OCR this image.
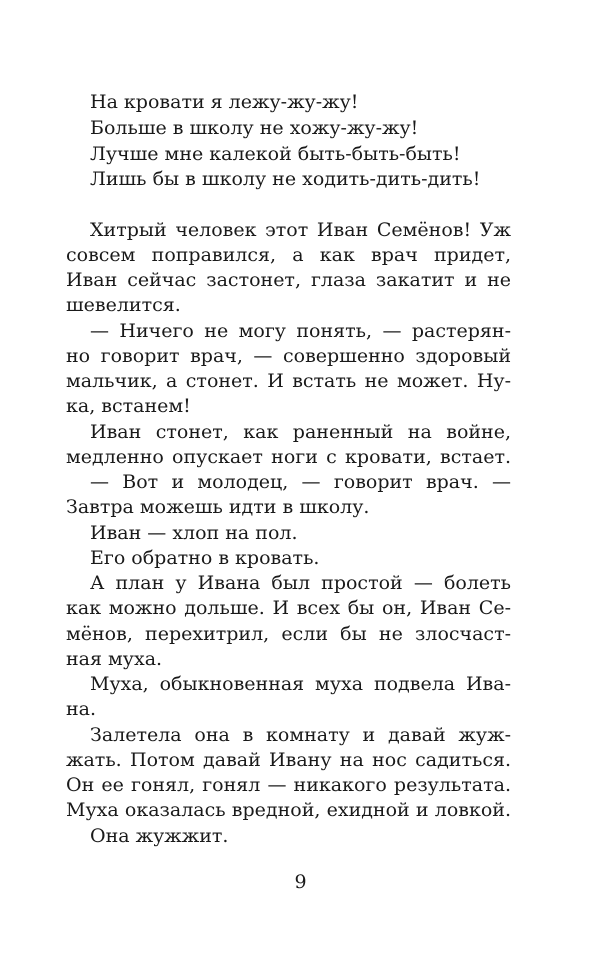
На кровати я лежу-жу-жу!
Больше в школу не хожу-жу-жу!
Лучше мне калекой быть-быть-быть!
Лишь бы в школу не ходить-дить-дить!
Хитрый человек этот Иван Семёнов! Уж
совсем поправился, а как врач придет,
Иван сейчас застонет, глаза закатит и не
шевелится.
— Ничего не могу понять, — растерян-
но говорит врач, — совершенно здоровый
мальчик, а стонет. И встать не может. Ну-
ка, встанем!
Иван стонет, как раненный на войне,
медленно опускает ноги с кровати, встает.
— Вот и молодец, — говорит врач. —
Завтра можешь идти в школу.
Иван — хлоп на пол.
Его обратно в кровать.
А план у Ивана был простой — болеть
как можно дольше. И всех бы он, Иван Се-
мёнов, перехитрил, если бы не злосчаст-
ная муха.
Муха, обыкновенная муха подвела Ива-
на.
Залетела она в комнату и давай жуж-
жать. Потом давай Ивану на нос садиться.
Он ее гонял, гонял — никакого результата.
Муха оказалась вредной, ехидной и ловкой.
Она жужжит.
9
